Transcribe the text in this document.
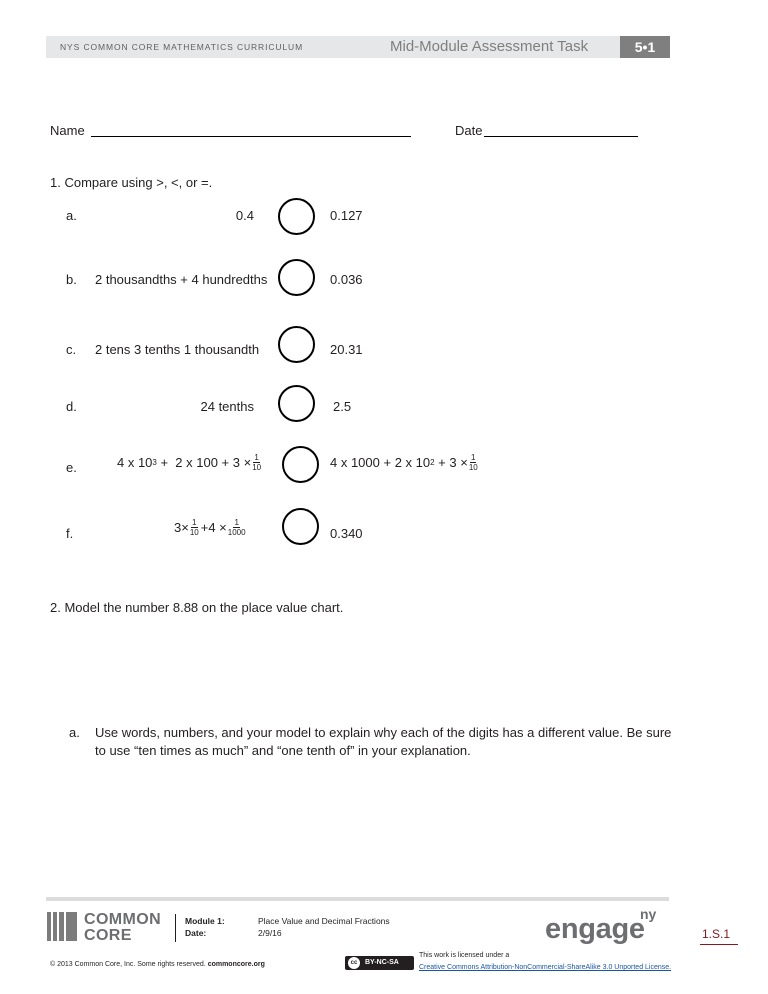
NYS COMMON CORE MATHEMATICS CURRICULUM	Mid-Module Assessment Task	5•1
Name	Date
1. Compare using >, <, or =.
a.	0.4	0.127
b. 2 thousandths + 4 hundredths	0.036
c. 2 tens 3 tenths 1 thousandth	20.31
d.	24 tenths	2.5
e.	4 x 10 3 +  2 x $100 + 3 \times \frac{1}{10}$	4 x 1000 + 2 x 10 $2 + 3 \times \frac{1}{10}$
f.	$3\times \frac{1}{10} +4 \times \frac{1}{1000}$	0.340
2. Model the number 8.88 on the place value chart.
a. Use words, numbers, and your model to explain why each of the digits has a different value. Be sure
to use “ten times as much” and “one tenth of” in your explanation.
COMMON
CORE
Module 1:
Date:
Place Value and Decimal Fractions
2/9/16	engage
ny
1.S.1
© 2013 Common Core, Inc. Some rights reserved. commoncore.org	cc	BY-NC-SA
This work is licensed under a
Creative Commons Attribution-NonCommercial-ShareAlike 3.0 Unported License.
